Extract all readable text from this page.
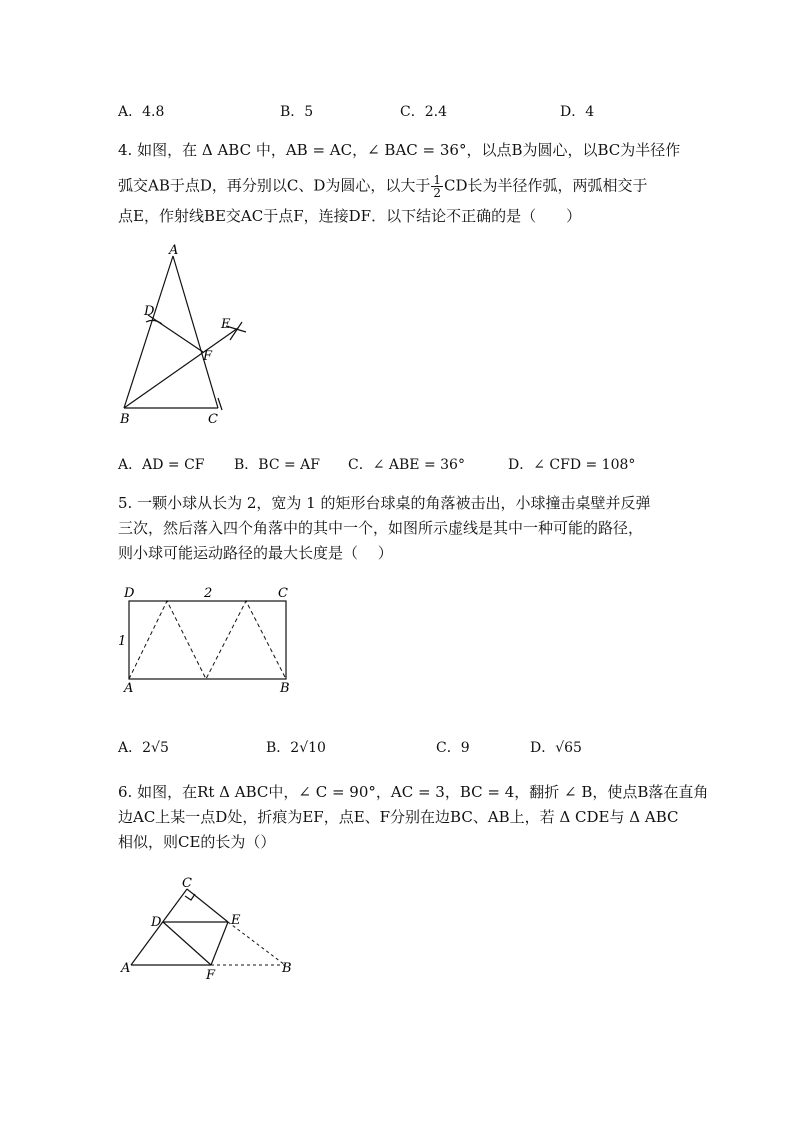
A．4.8	B．5	C．2.4	D．4
4. 如图，在 Δ ABC 中，AB = AC，∠ BAC = 36°，以点B为圆心，以BC为半径作
弧交AB于点D，再分别以C、D为圆心，以大于 $\frac{1}{2}$ CD长为半径作弧，两弧相交于
点E，作射线BE交AC于点F，连接DF．以下结论不正确的是（　　）
A
D
E
F
B	C
A．AD = CF B．BC = AF C．∠ ABE = 36°	D．∠ CFD = 108°
5. 一颗小球从长为 2，宽为 1 的矩形台球桌的角落被击出，小球撞击桌壁并反弹
三次，然后落入四个角落中的其中一个，如图所示虚线是其中一种可能的路径，
则小球可能运动路径的最大长度是（　 ）
D	2	C
1
A	B
A．2√5	B．2√10	C．9	D．√65
6. 如图，在Rt Δ ABC中，∠ C = 90°，AC = 3，BC = 4，翻折 ∠ B，使点B落在直角
边AC上某一点D处，折痕为EF，点E、F分别在边BC、AB上，若 Δ CDE与 Δ ABC
相似，则CE的长为（）
C
D	E
A	F	B
